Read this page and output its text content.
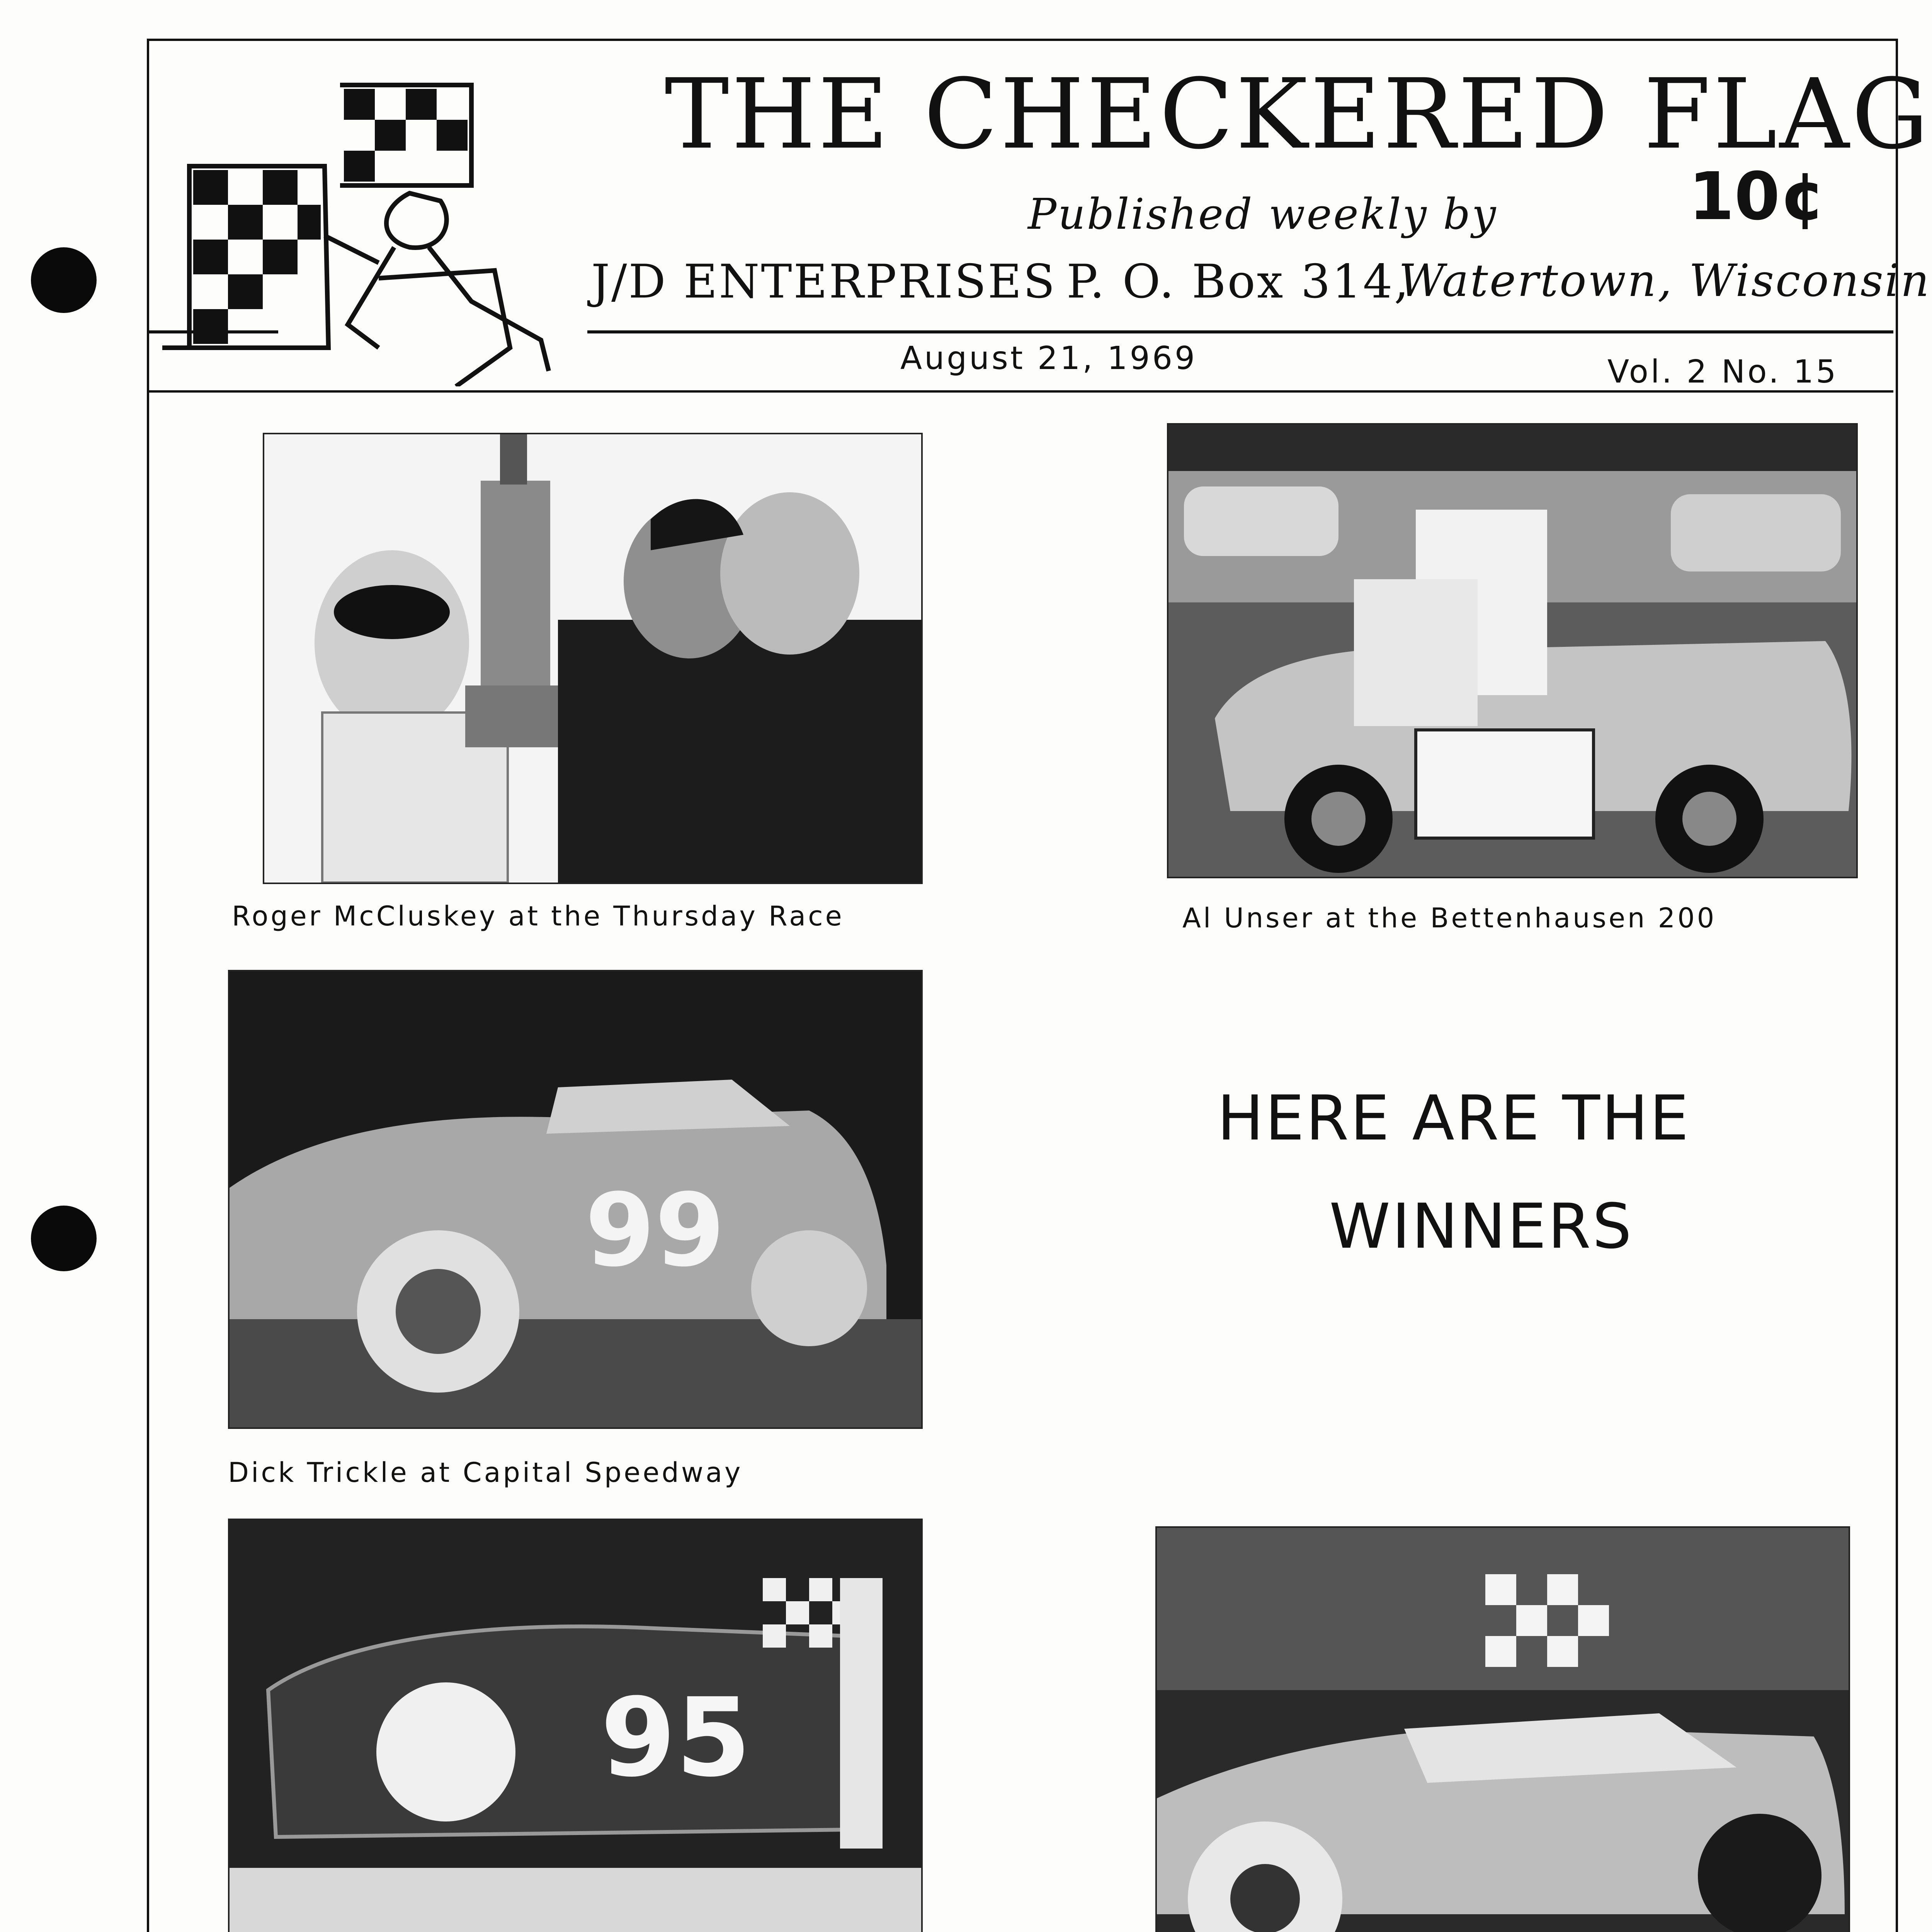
THE CHECKERED FLAG
10¢
Published weekly by
J/D ENTERPRISES P. O. Box 314,
Watertown, Wisconsin
August 21, 1969	Vol. 2 No. 15
Roger McCluskey at the Thursday Race	Al Unser at the Bettenhausen 200
99
Dick Trickle at Capital Speedway
HERE ARE THE
WINNERS
95
